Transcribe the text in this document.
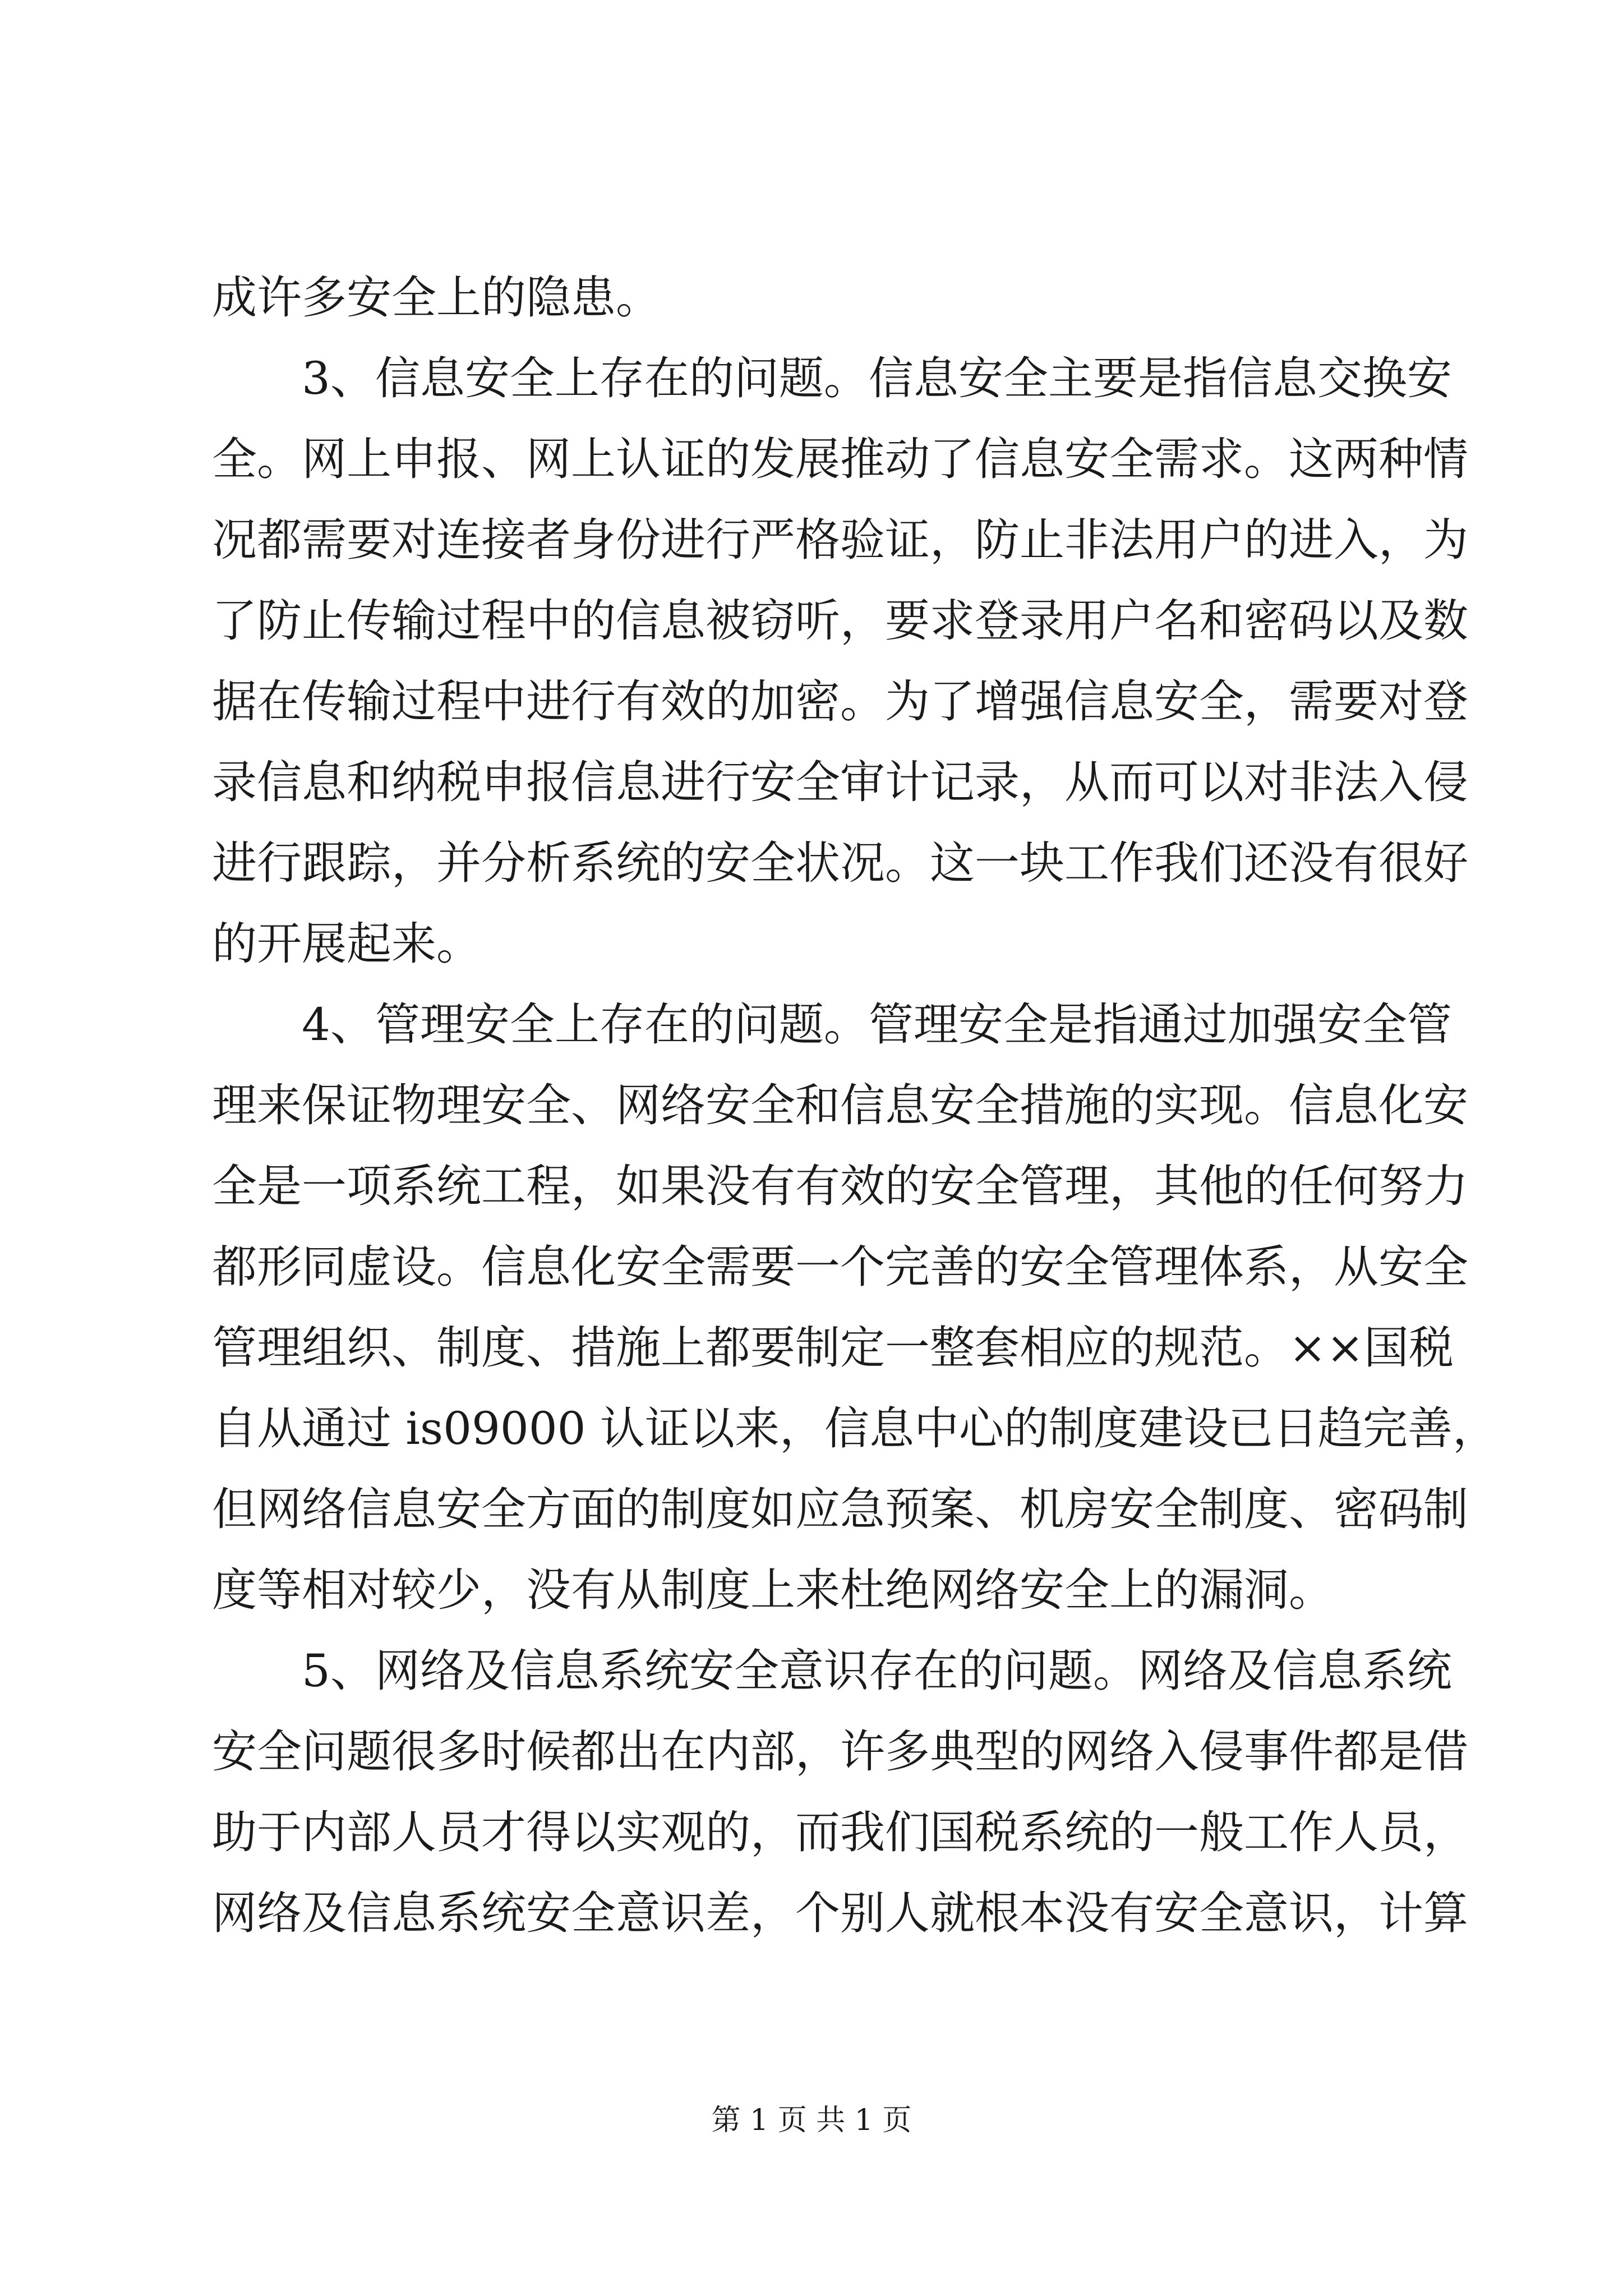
成许多安全上的隐患。
3、信息安全上存在的问题。信息安全主要是指信息交换安
全。网上申报、网上认证的发展推动了信息安全需求。这两种情
况都需要对连接者身份进行严格验证，防止非法用户的进入，为
了防止传输过程中的信息被窃听，要求登录用户名和密码以及数
据在传输过程中进行有效的加密。为了增强信息安全，需要对登
录信息和纳税申报信息进行安全审计记录，从而可以对非法入侵
进行跟踪，并分析系统的安全状况。这一块工作我们还没有很好
的开展起来。
4、管理安全上存在的问题。管理安全是指通过加强安全管
理来保证物理安全、网络安全和信息安全措施的实现。信息化安
全是一项系统工程，如果没有有效的安全管理，其他的任何努力
都形同虚设。信息化安全需要一个完善的安全管理体系，从安全
管理组织、制度、措施上都要制定一整套相应的规范。××国税
自从通过 is09000 认证以来，信息中心的制度建设已日趋完善，
但网络信息安全方面的制度如应急预案、机房安全制度、密码制
度等相对较少，没有从制度上来杜绝网络安全上的漏洞。
5、网络及信息系统安全意识存在的问题。网络及信息系统
安全问题很多时候都出在内部，许多典型的网络入侵事件都是借
助于内部人员才得以实观的，而我们国税系统的一般工作人员，
网络及信息系统安全意识差，个别人就根本没有安全意识，计算
第 1 页 共 1 页
